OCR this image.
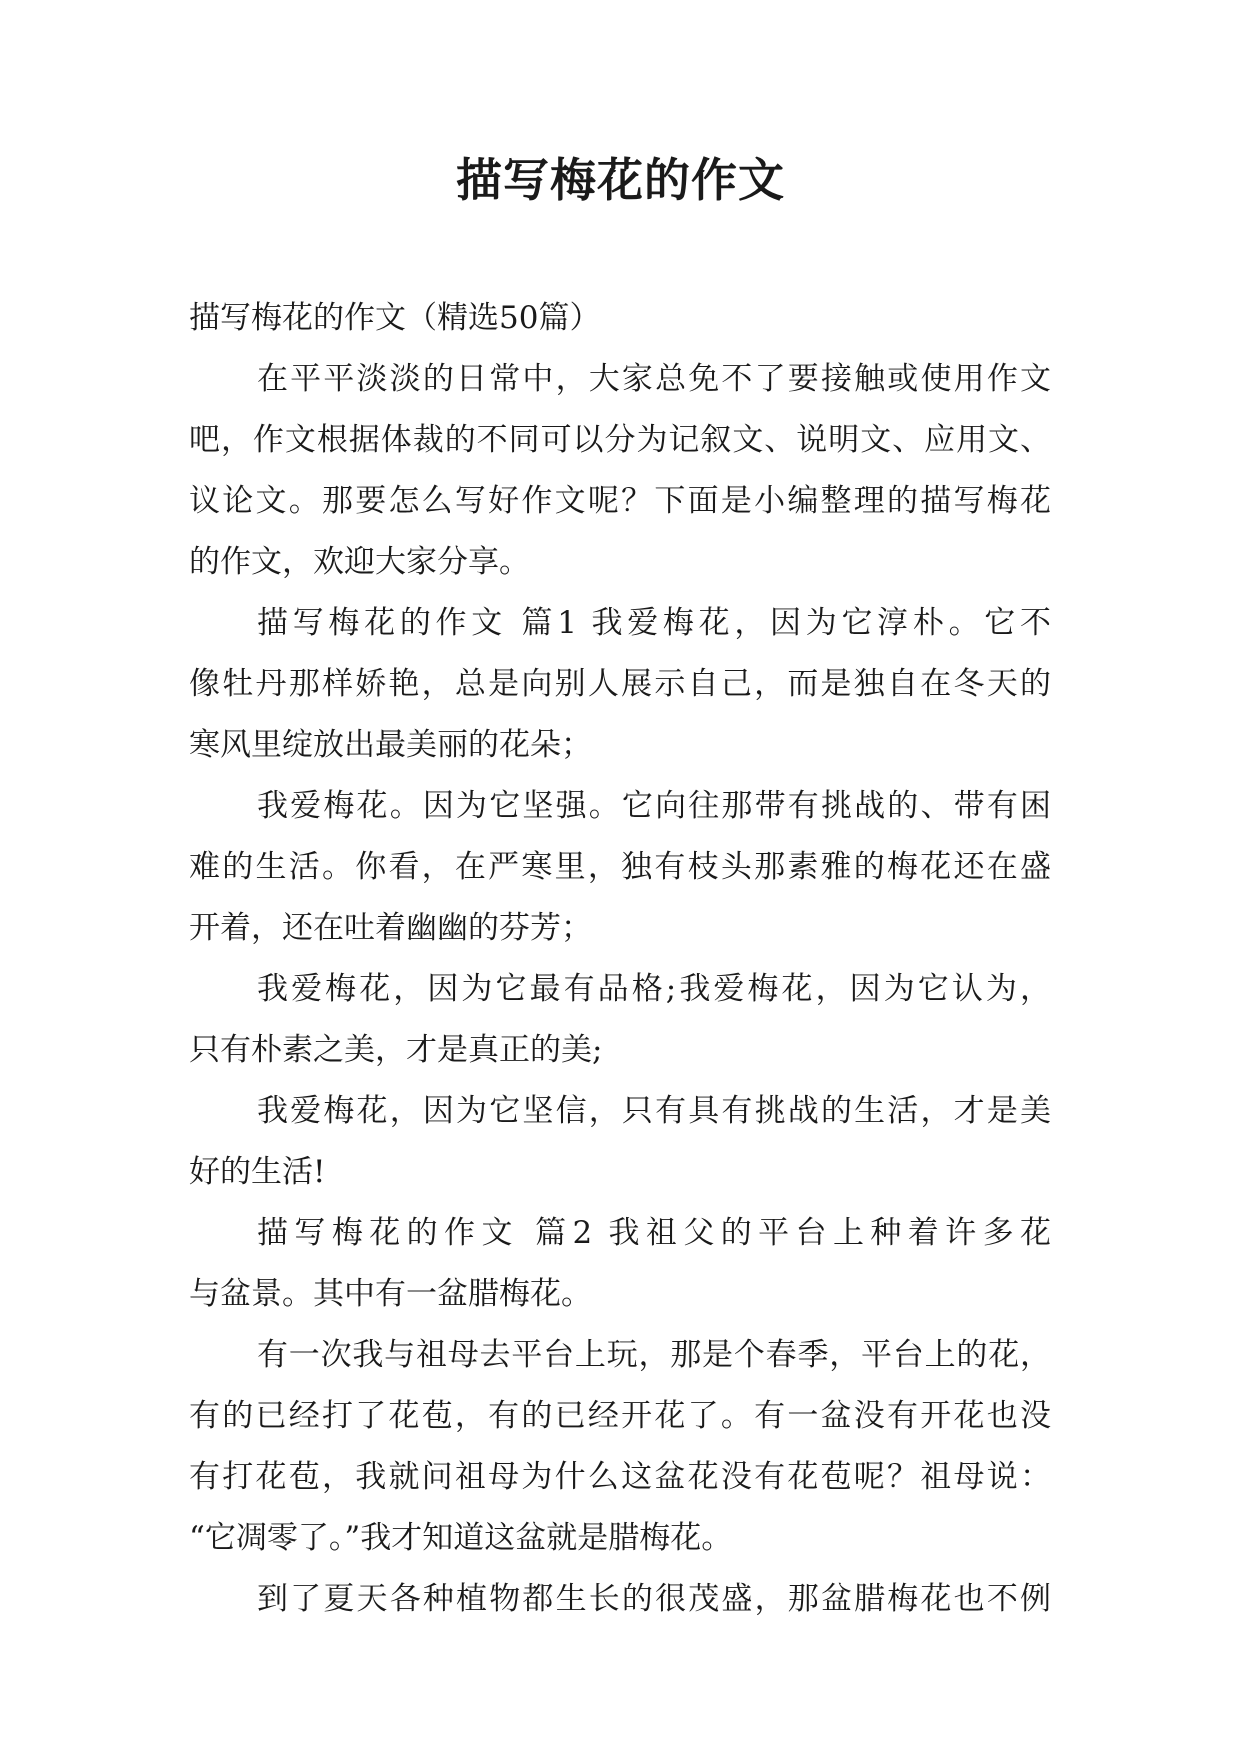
描写梅花的作文
描写梅花的作文（精选50篇）
在平平淡淡的日常中，大家总免不了要接触或使用作文
吧，作文根据体裁的不同可以分为记叙文、说明文、应用文、
议论文。那要怎么写好作文呢？下面是小编整理的描写梅花
的作文，欢迎大家分享。
描写梅花的作文 篇1 我爱梅花，因为它淳朴。它不
像牡丹那样娇艳，总是向别人展示自己，而是独自在冬天的
寒风里绽放出最美丽的花朵；
我爱梅花。因为它坚强。它向往那带有挑战的、带有困
难的生活。你看，在严寒里，独有枝头那素雅的梅花还在盛
开着，还在吐着幽幽的芬芳；
我爱梅花，因为它最有品格;我爱梅花，因为它认为，
只有朴素之美，才是真正的美;
我爱梅花，因为它坚信，只有具有挑战的生活，才是美
好的生活!
描写梅花的作文 篇2 我祖父的平台上种着许多花
与盆景。其中有一盆腊梅花。
有一次我与祖母去平台上玩，那是个春季，平台上的花，
有的已经打了花苞，有的已经开花了。有一盆没有开花也没
有打花苞，我就问祖母为什么这盆花没有花苞呢？祖母说：
“它凋零了。”我才知道这盆就是腊梅花。
到了夏天各种植物都生长的很茂盛，那盆腊梅花也不例
